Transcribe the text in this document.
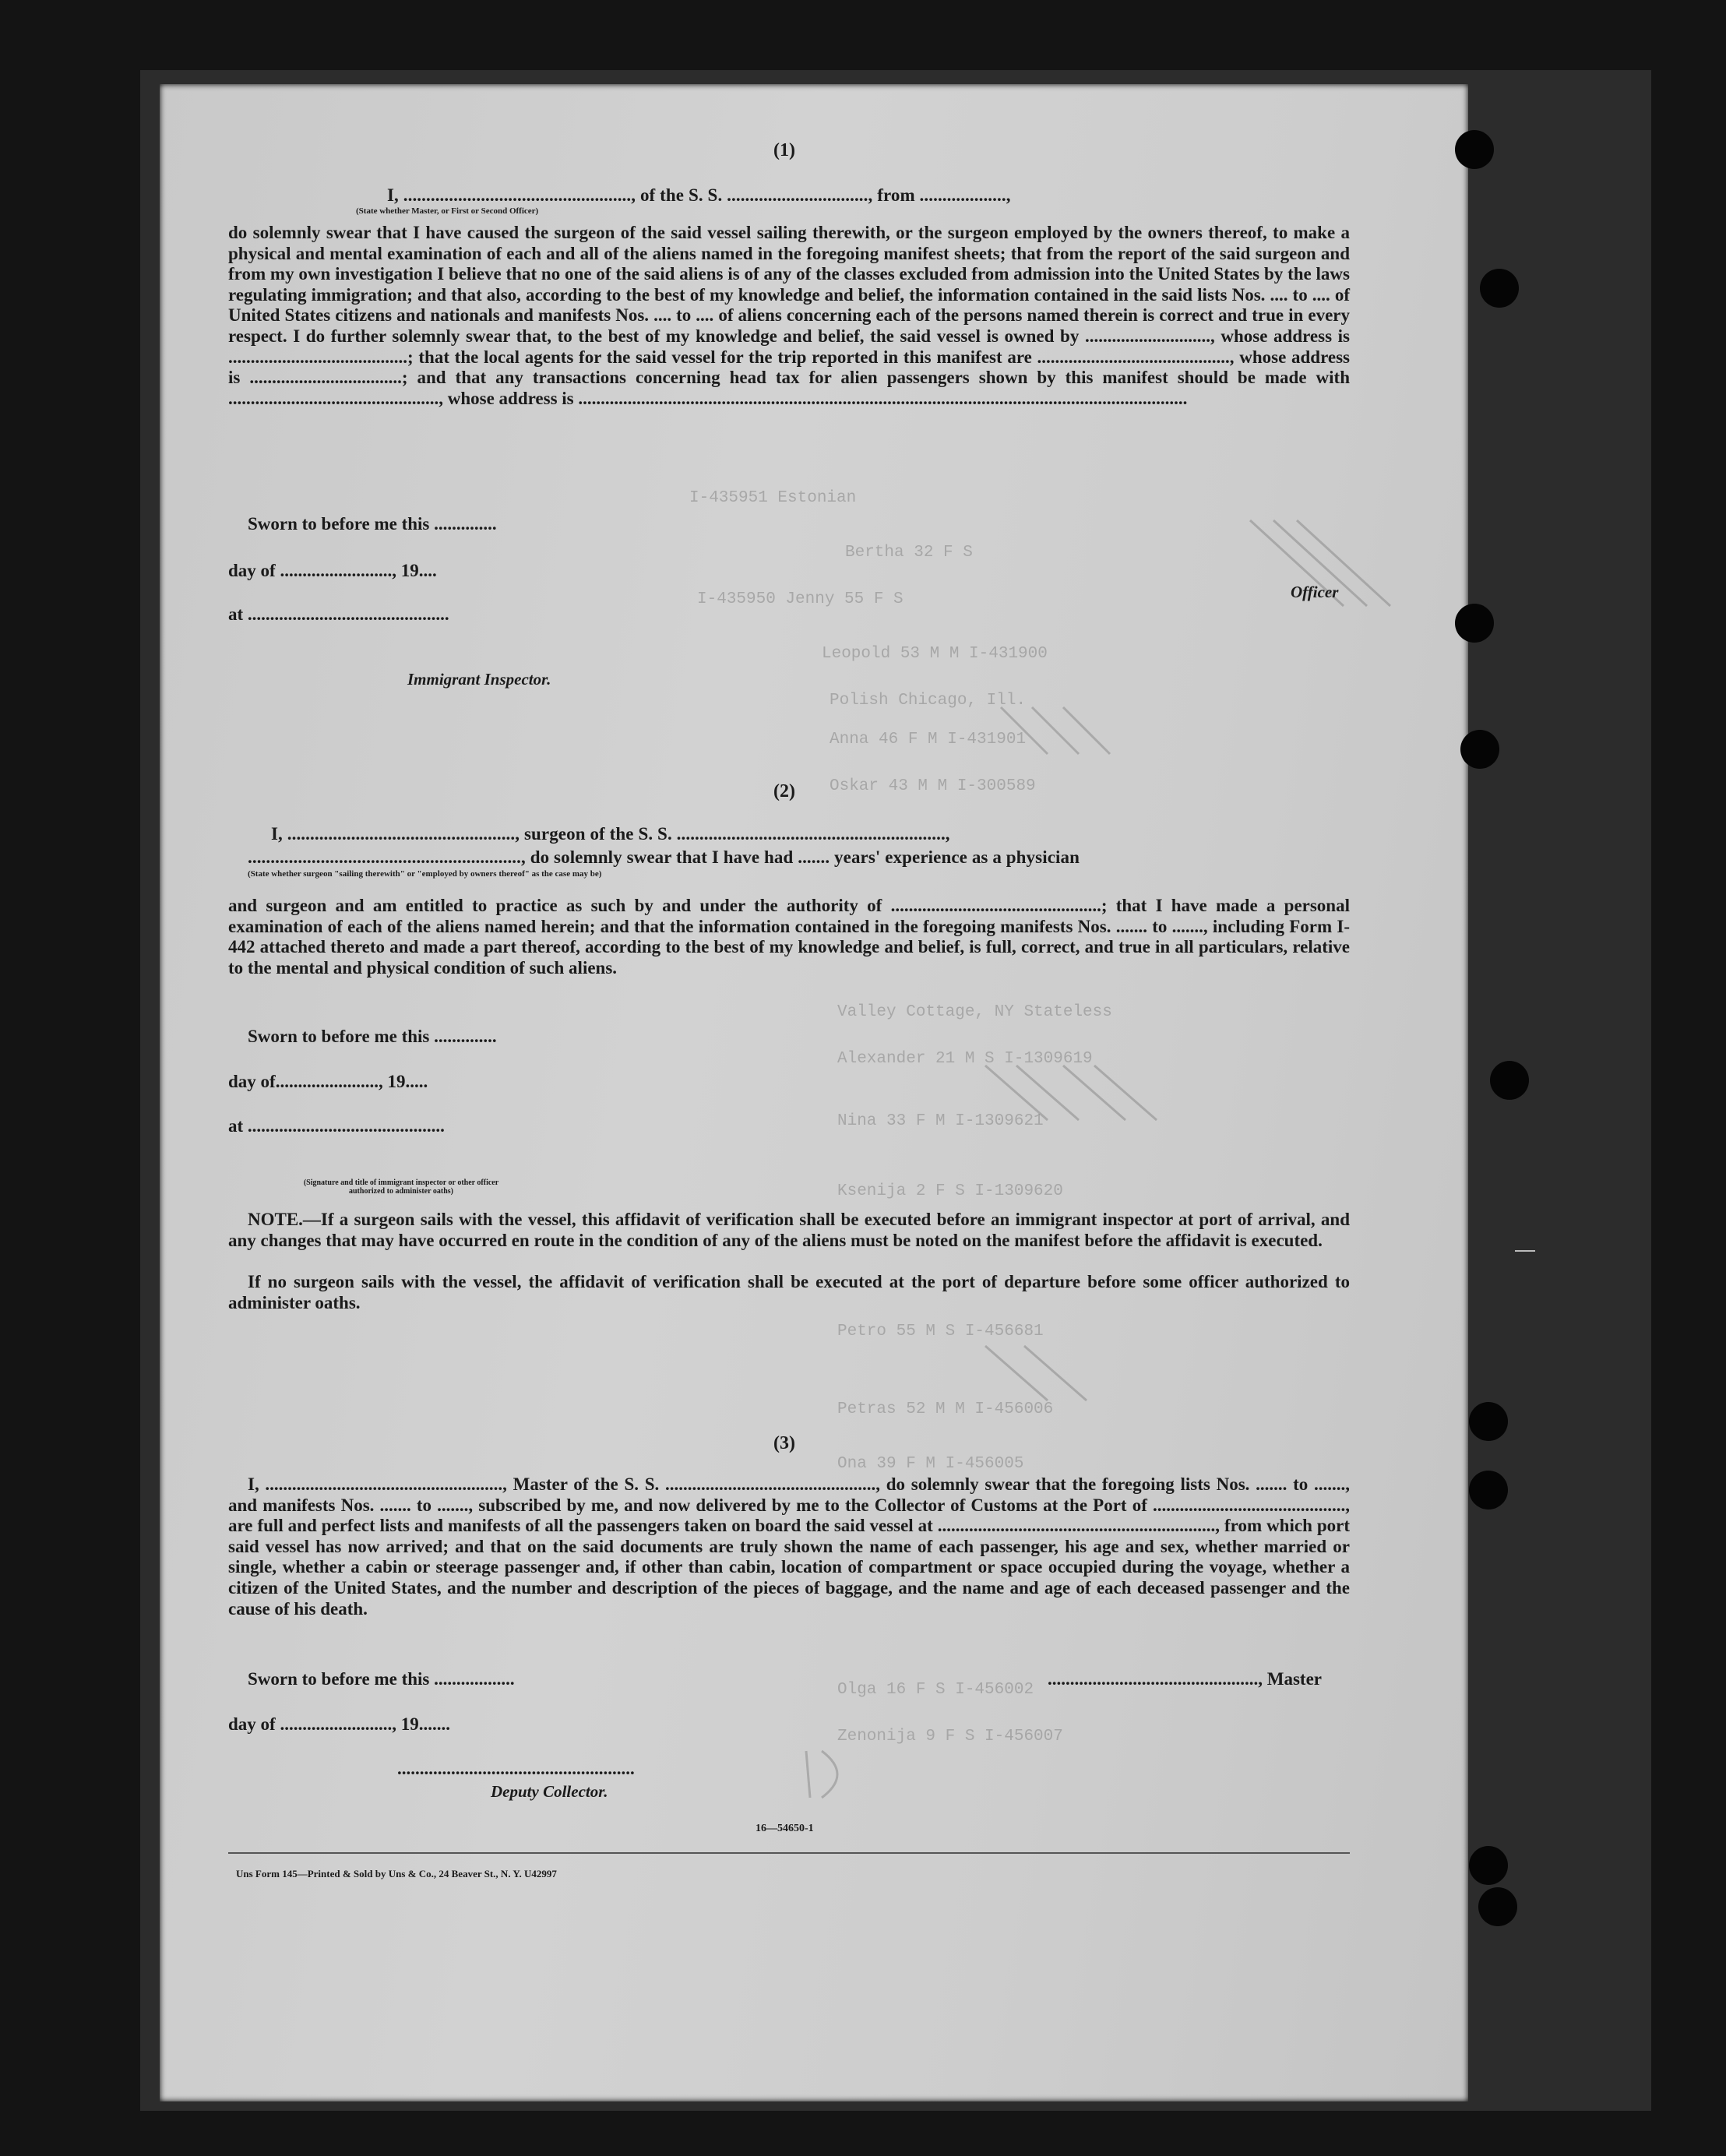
I-435951 Estonian
Bertha 32 F S
I-435950 Jenny 55 F S
Leopold 53 M M I-431900
Polish Chicago, Ill.
Anna 46 F M I-431901
Oskar 43 M M I-300589
Valley Cottage, NY Stateless
Alexander 21 M S I-1309619
Nina 33 F M I-1309621
Ksenija 2 F S I-1309620
Petro 55 M S I-456681
Petras 52 M M I-456006
Ona 39 F M I-456005
Olga 16 F S I-456002
Zenonija 9 F S I-456007
(1)
I, .................................................., of the S. S. ..............................., from ...................,
(State whether Master, or First or Second Officer)
do solemnly swear that I have caused the surgeon of the said vessel sailing therewith, or the surgeon employed by the owners thereof, to make a physical and mental examination of each and all of the aliens named in the foregoing manifest sheets; that from the report of the said surgeon and from my own investigation I believe that no one of the said aliens is of any of the classes excluded from admission into the United States by the laws regulating immigration; and that also, according to the best of my knowledge and belief, the information contained in the said lists Nos. .... to .... of United States citizens and nationals and manifests Nos. .... to .... of aliens concerning each of the persons named therein is correct and true in every respect. I do further solemnly swear that, to the best of my knowledge and belief, the said vessel is owned by ............................, whose address is ........................................; that the local agents for the said vessel for the trip reported in this manifest are ..........................................., whose address is ..................................; and that any transactions concerning head tax for alien passengers shown by this manifest should be made with ..............................................., whose address is ........................................................................................................................................
Sworn to before me this ..............
day of ........................., 19....
at .............................................
Officer
Immigrant Inspector.
(2)
I, .................................................., surgeon of the S. S. ...........................................................,
............................................................, do solemnly swear that I have had ....... years' experience as a physician
(State whether surgeon "sailing therewith" or "employed by owners thereof" as the case may be)
and surgeon and am entitled to practice as such by and under the authority of ...............................................; that I have made a personal examination of each of the aliens named herein; and that the information contained in the foregoing manifests Nos. ....... to ......., including Form I-442 attached thereto and made a part thereof, according to the best of my knowledge and belief, is full, correct, and true in all particulars, relative to the mental and physical condition of such aliens.
Sworn to before me this ..............
day of......................., 19.....
at ............................................
(Signature and title of immigrant inspector or other officer authorized to administer oaths)
NOTE.—If a surgeon sails with the vessel, this affidavit of verification shall be executed before an immigrant inspector at port of arrival, and any changes that may have occurred en route in the condition of any of the aliens must be noted on the manifest before the affidavit is executed.
If no surgeon sails with the vessel, the affidavit of verification shall be executed at the port of departure before some officer authorized to administer oaths.
(3)
I, ....................................................., Master of the S. S. ..............................................., do solemnly swear that the foregoing lists Nos. ....... to ......., and manifests Nos. ....... to ......., subscribed by me, and now delivered by me to the Collector of Customs at the Port of ..........................................., are full and perfect lists and manifests of all the passengers taken on board the said vessel at .............................................................., from which port said vessel has now arrived; and that on the said documents are truly shown the name of each passenger, his age and sex, whether married or single, whether a cabin or steerage passenger and, if other than cabin, location of compartment or space occupied during the voyage, whether a citizen of the United States, and the number and description of the pieces of baggage, and the name and age of each deceased passenger and the cause of his death.
Sworn to before me this ..................
day of ........................., 19.......
..............................................., Master
.....................................................
Deputy Collector.
16—54650-1
Uns Form 145—Printed & Sold by Uns & Co., 24 Beaver St., N. Y. U42997
